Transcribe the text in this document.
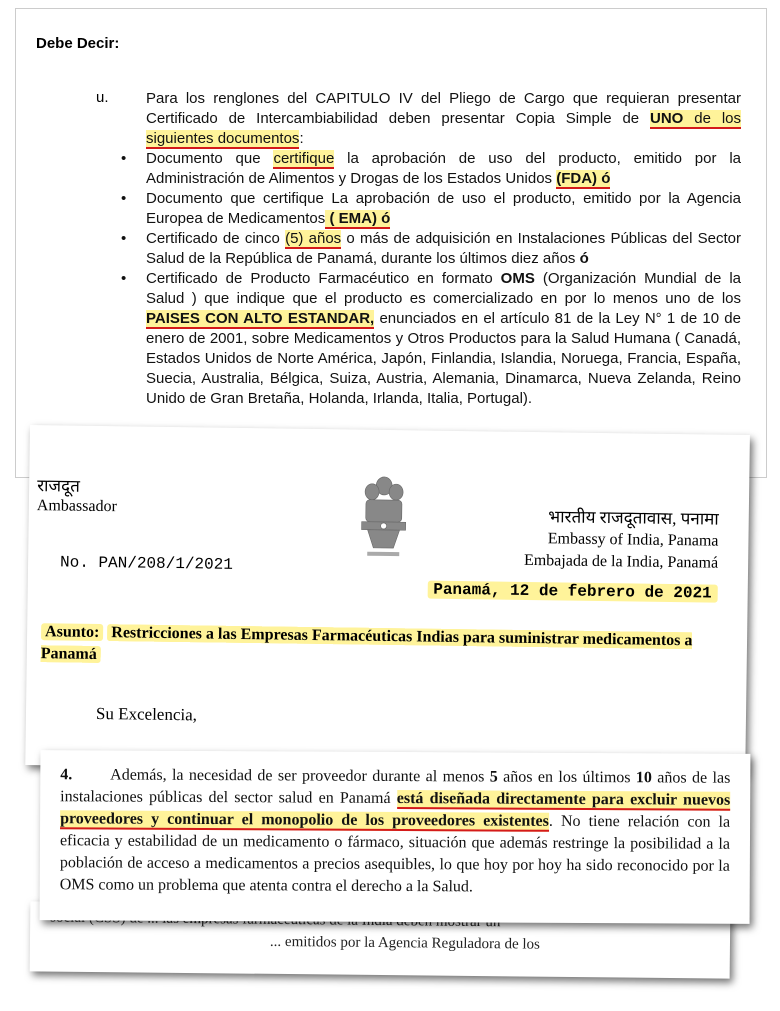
... emitidos por la Agencia Reguladora de los
Debe Decir:
u. Para los renglones del CAPITULO IV del Pliego de Cargo que requieran presentar Certificado de Intercambiabilidad deben presentar Copia Simple de UNO de los siguientes documentos:
• Documento que certifique la aprobación de uso del producto, emitido por la Administración de Alimentos y Drogas de los Estados Unidos (FDA) ó
• Documento que certifique La aprobación de uso el producto, emitido por la Agencia Europea de Medicamentos ( EMA) ó
• Certificado de cinco (5) años o más de adquisición en Instalaciones Públicas del Sector Salud de la República de Panamá, durante los últimos diez años ó
• Certificado de Producto Farmacéutico en formato OMS (Organización Mundial de la Salud ) que indique que el producto es comercializado en por lo menos uno de los PAISES CON ALTO ESTANDAR, enunciados en el artículo 81 de la Ley N° 1 de 10 de enero de 2001, sobre Medicamentos y Otros Productos para la Salud Humana ( Canadá, Estados Unidos de Norte América, Japón, Finlandia, Islandia, Noruega, Francia, España, Suecia, Australia, Bélgica, Suiza, Austria, Alemania, Dinamarca, Nueva Zelanda, Reino Unido de Gran Bretaña, Holanda, Irlanda, Italia, Portugal).
राजदूत
Ambassador
भारतीय राजदूतावास, पनामा
Embassy of India, Panama
Embajada de la India, Panamá
No. PAN/208/1/2021
Panamá, 12 de febrero de 2021
Asunto: Restricciones a las Empresas Farmacéuticas Indias para suministrar medicamentos a Panamá
Su Excelencia,
4. Además, la necesidad de ser proveedor durante al menos 5 años en los últimos 10 años de las instalaciones públicas del sector salud en Panamá está diseñada directamente para excluir nuevos proveedores y continuar el monopolio de los proveedores existentes. No tiene relación con la eficacia y estabilidad de un medicamento o fármaco, situación que además restringe la posibilidad a la población de acceso a medicamentos a precios asequibles, lo que hoy por hoy ha sido reconocido por la OMS como un problema que atenta contra el derecho a la Salud.
